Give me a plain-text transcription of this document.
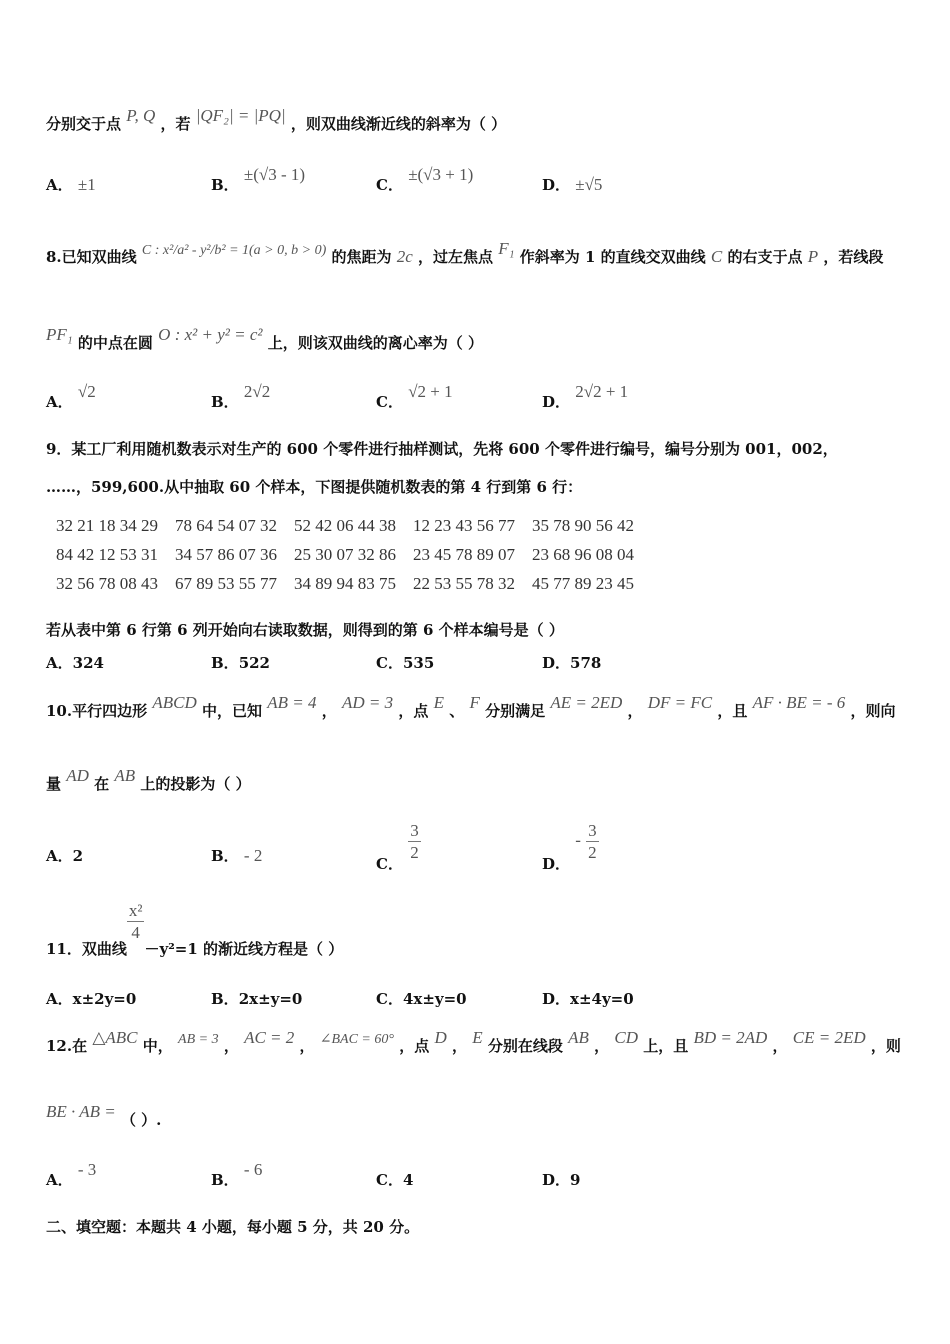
分别交于点 P, Q ，若 |QF₂| = |PQ| ，则双曲线渐近线的斜率为（ ）
A． ±1	B． ±(√3 - 1)
C． ±(√3 + 1)
D． ±√5
8.已知双曲线 C : x²/a² - y²/b² = 1(a > 0, b > 0) 的焦距为 2c ，过左焦点 F₁ 作斜率为 1 的直线交双曲线 C 的右支于点 P ，若线段
PF₁ 的中点在圆 O : x² + y² = c² 上，则该双曲线的离心率为（ ）
A． √2
B． 2√2
C． √2 + 1
D． 2√2 + 1
9．某工厂利用随机数表示对生产的 600 个零件进行抽样测试，先将 600 个零件进行编号，编号分别为 001，002，
……，599,600.从中抽取 60 个样本，下图提供随机数表的第 4 行到第 6 行：
32 21 18 34 29    78 64 54 07 32    52 42 06 44 38    12 23 43 56 77    35 78 90 56 42
84 42 12 53 31    34 57 86 07 36    25 30 07 32 86    23 45 78 89 07    23 68 96 08 04
32 56 78 08 43    67 89 53 55 77    34 89 94 83 75    22 53 55 78 32    45 77 89 23 45
若从表中第 6 行第 6 列开始向右读取数据，则得到的第 6 个样本编号是（ ）
A．324	B．522	C．535	D．578
10.平行四边形 ABCD 中，已知 AB = 4 ， AD = 3 ，点 E 、 F 分别满足 AE = 2ED ， DF = FC ，且 AF · BE = - 6 ，则向
量 AD 在 AB 上的投影为（ ）
A．2	B． - 2	C．
$\frac{3}{2}$
D． - $\frac{3}{2}$
11．双曲线
$\frac{\text{x²}}{4}$
－y²=1 的渐近线方程是（ ）
A．x±2y=0	B．2x±y=0	C．4x±y=0	D．x±4y=0
12.在 △ABC 中， AB = 3 ， AC = 2 ， ∠BAC = 60° ，点 D ， E 分别在线段 AB ， CD 上，且 BD = 2AD ， CE = 2ED ，则
BE · AB = （ ）.
A． - 3
B． - 6
C．4	D．9
二、填空题：本题共 4 小题，每小题 5 分，共 20 分。
